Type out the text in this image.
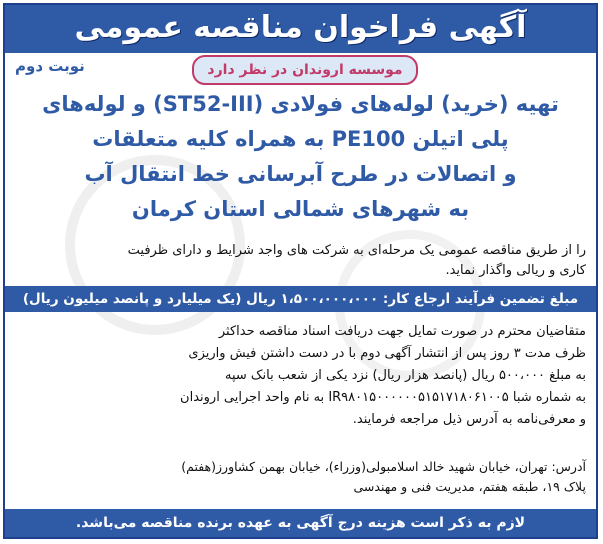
آگهی فراخوان مناقصه عمومی
نوبت دوم	موسسه اروندان در نظر دارد
تهیه (خرید) لوله‌های فولادی (ST52-III) و لوله‌های
پلی اتیلن PE100 به همراه کلیه متعلقات
و اتصالات در طرح آبرسانی خط انتقال آب
به شهرهای شمالی استان کرمان
را از طریق مناقصه عمومی یک مرحله‌ای به شرکت های واجد شرایط و دارای ظرفیت
کاری و ریالی واگذار نماید.
مبلغ تضمین فرآیند ارجاع کار: ۱،۵۰۰،۰۰۰،۰۰۰ ریال (یک میلیارد و پانصد میلیون ریال)
متقاضیان محترم در صورت تمایل جهت دریافت اسناد مناقصه حداکثر
ظرف مدت ۳ روز پس از انتشار آگهی دوم با در دست داشتن فیش واریزی
به مبلغ ۵۰۰،۰۰۰ ریال (پانصد هزار ریال) نزد یکی از شعب بانک سپه
به شماره شبا IR۹۸۰۱۵۰۰۰۰۰۰۵۱۵۱۷۱۸۰۶۱۰۰۵ به نام واحد اجرایی اروندان
و معرفی‌نامه به آدرس ذیل مراجعه فرمایند.
آدرس: تهران، خیابان شهید خالد اسلامبولی(وزراء)، خیابان بهمن کشاورز(هفتم)
پلاک ۱۹، طبقه هفتم، مدیریت فنی و مهندسی
لازم به ذکر است هزینه درج آگهی به عهده برنده مناقصه می‌باشد.
